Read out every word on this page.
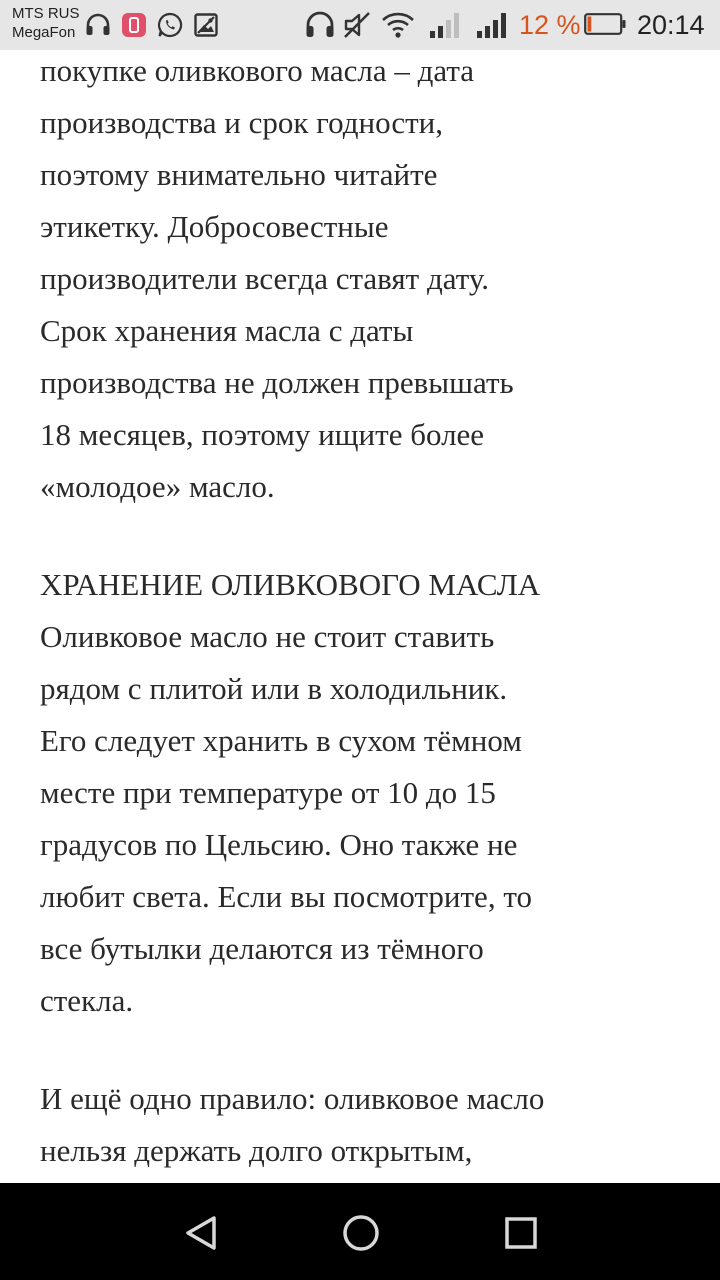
MTS RUS
MegaFon	12 % 20:14
покупке оливкового масла – дата
производства и срок годности,
поэтому внимательно читайте
этикетку. Добросовестные
производители всегда ставят дату.
Срок хранения масла с даты
производства не должен превышать
18 месяцев, поэтому ищите более
«молодое» масло.
ХРАНЕНИЕ ОЛИВКОВОГО МАСЛА
Оливковое масло не стоит ставить
рядом с плитой или в холодильник.
Его следует хранить в сухом тёмном
месте при температуре от 10 до 15
градусов по Цельсию. Оно также не
любит света. Если вы посмотрите, то
все бутылки делаются из тёмного
стекла.
И ещё одно правило: оливковое масло
нельзя держать долго открытым,
